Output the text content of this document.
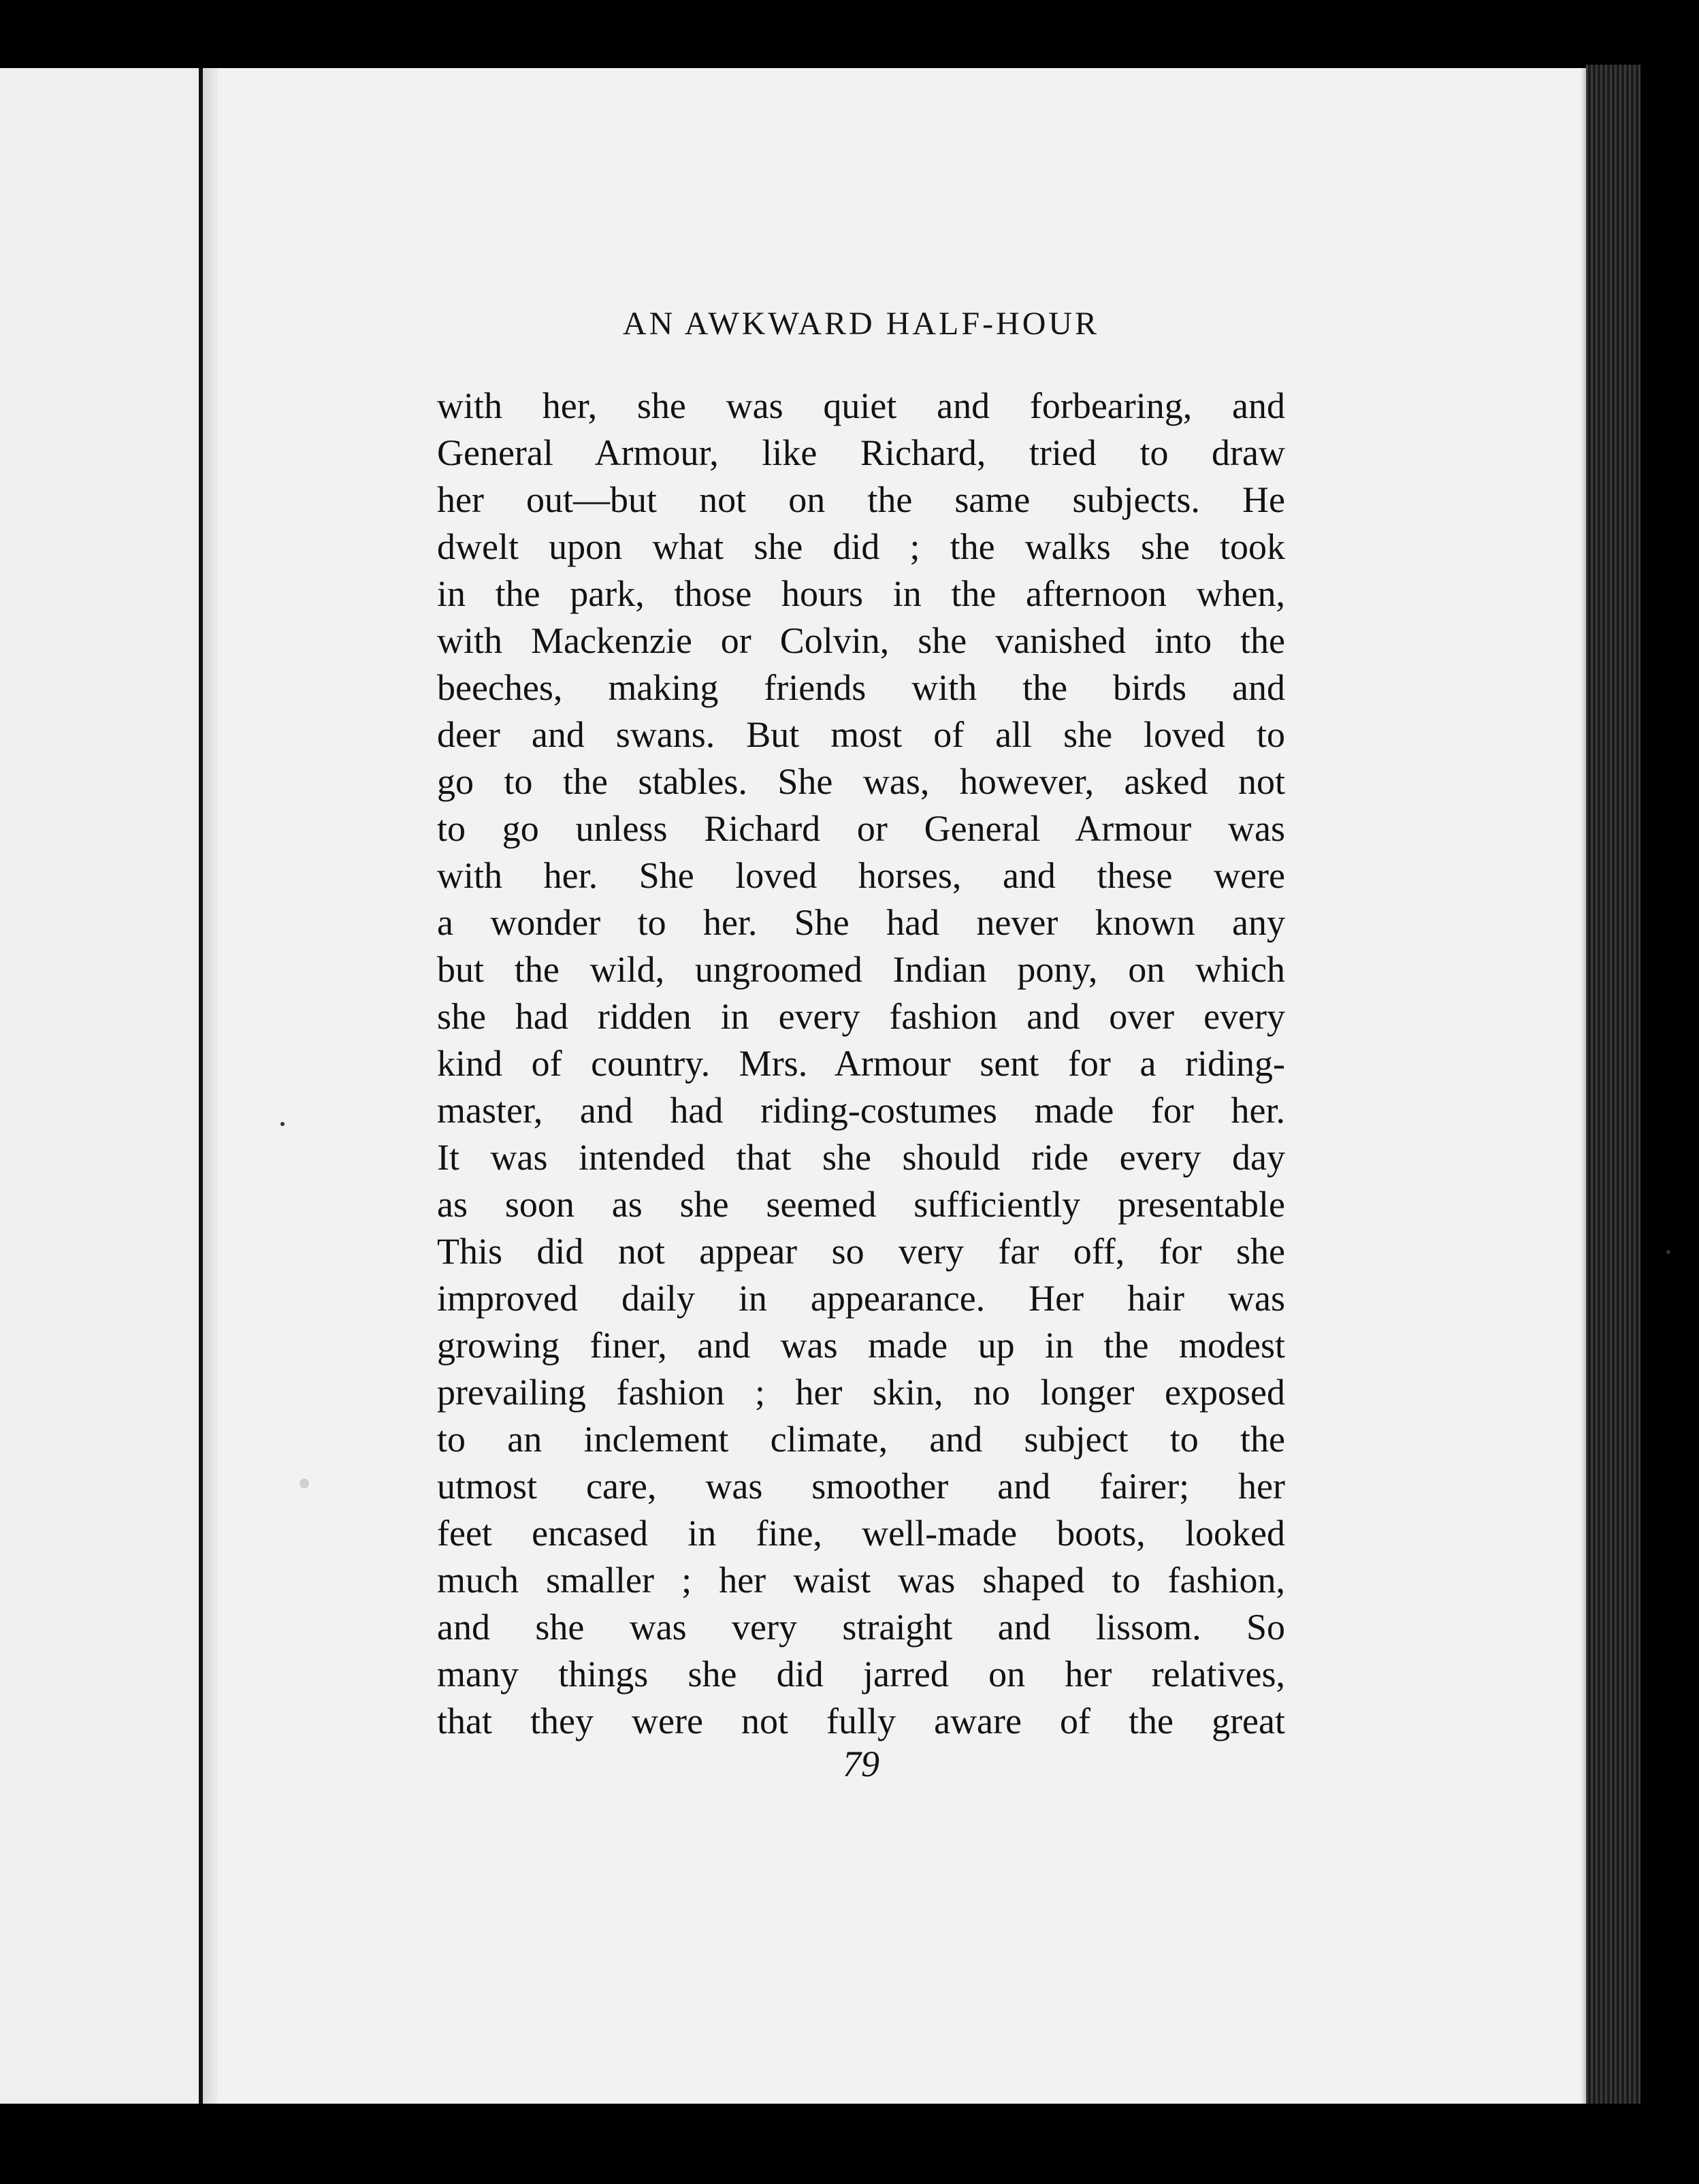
AN AWKWARD HALF-HOUR
with her, she was quiet and forbearing, and
General Armour, like Richard, tried to draw
her out—but not on the same subjects. He
dwelt upon what she did ; the walks she took
in the park, those hours in the afternoon when,
with Mackenzie or Colvin, she vanished into the
beeches, making friends with the birds and
deer and swans. But most of all she loved to
go to the stables. She was, however, asked not
to go unless Richard or General Armour was
with her. She loved horses, and these were
a wonder to her. She had never known any
but the wild, ungroomed Indian pony, on which
she had ridden in every fashion and over every
kind of country. Mrs. Armour sent for a riding-
master, and had riding-costumes made for her.
It was intended that she should ride every day
as soon as she seemed sufficiently presentable
This did not appear so very far off, for she
improved daily in appearance. Her hair was
growing finer, and was made up in the modest
prevailing fashion ; her skin, no longer exposed
to an inclement climate, and subject to the
utmost care, was smoother and fairer; her
feet encased in fine, well-made boots, looked
much smaller ; her waist was shaped to fashion,
and she was very straight and lissom. So
many things she did jarred on her relatives,
that they were not fully aware of the great
79
